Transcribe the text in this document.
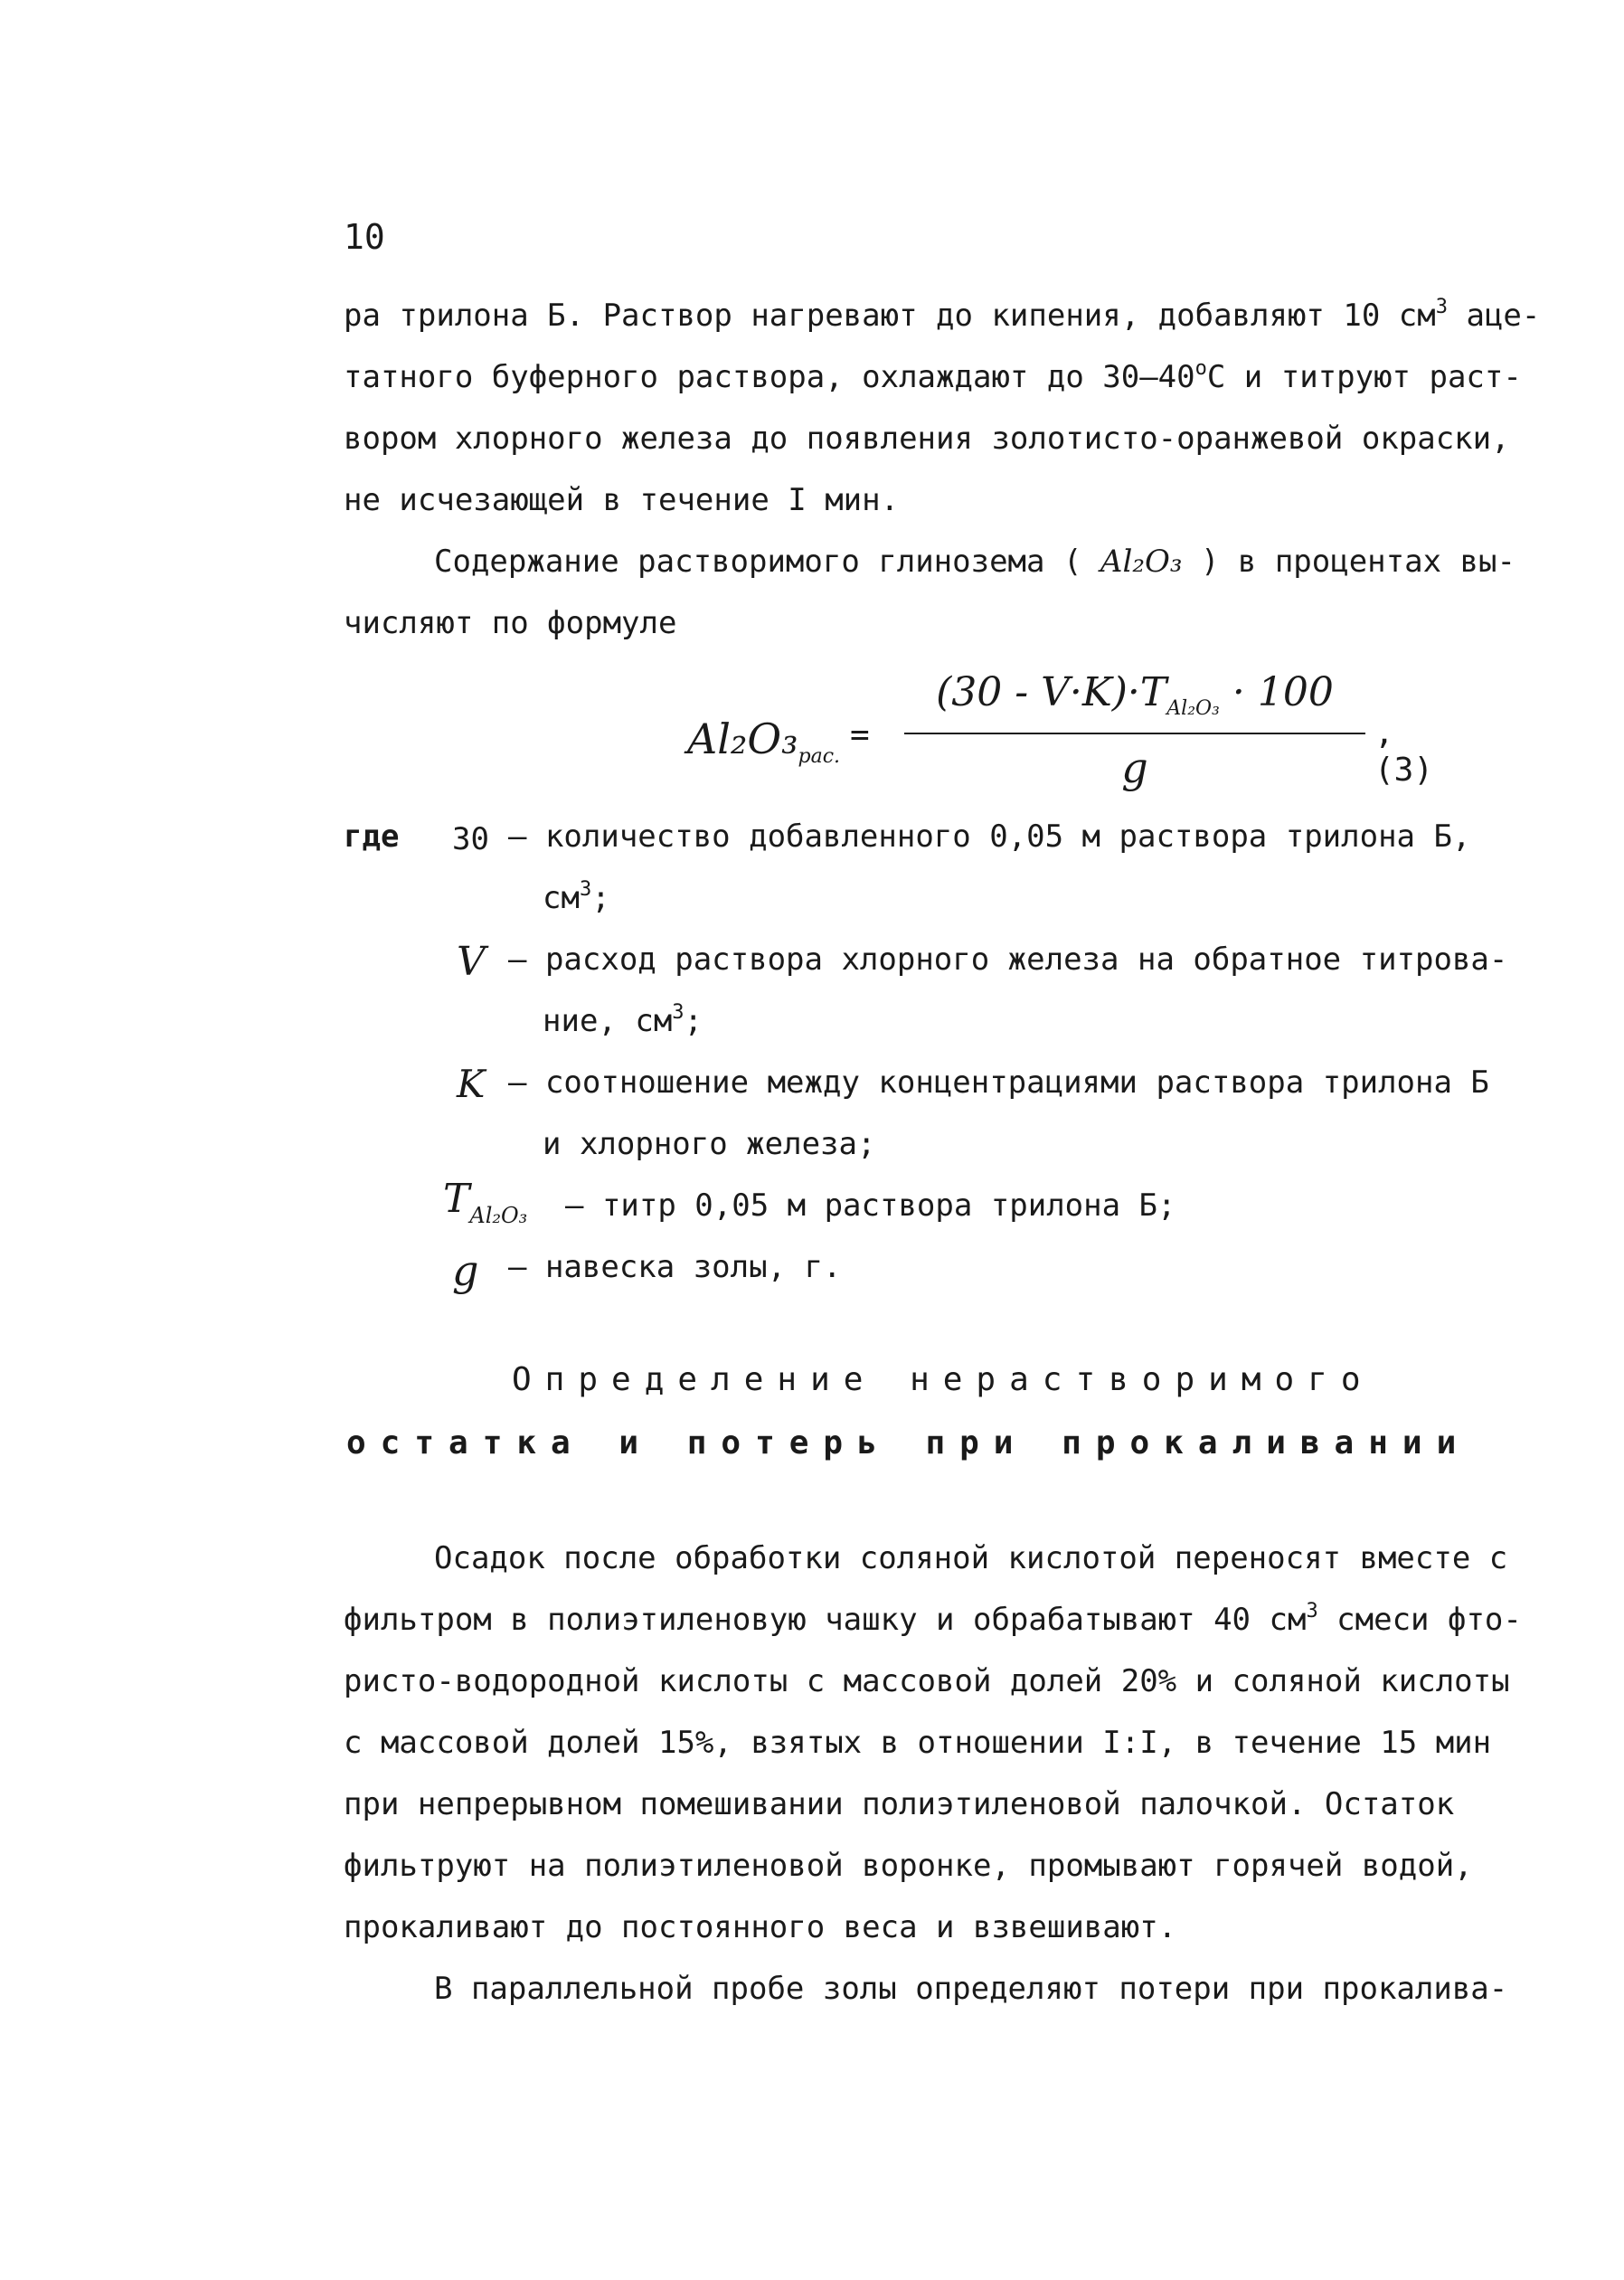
10
ра трилона Б. Раствор нагревают до кипения, добавляют 10 $см^3$ аце-
татного буферного раствора, охлаждают до $30-40^оС$ и титруют раст-
вором хлорного железа до появления золотисто-оранжевой окраски,
не исчезающей в течение I мин.
Содержание растворимого глинозема ( Al₂O₃ ) в процентах вы-
числяют по формуле
$Al_2O_3_{рас.}$
=
$(30 - V\cdot K)\cdot T_{Al_2O_3} \cdot 100$
g
, (3)
где 30 – количество добавленного 0,05 м раствора трилона Б,
$см^3$;
V – расход раствора хлорного железа на обратное титрова-
ние, $см^3$;
K – соотношение между концентрациями раствора трилона Б
и хлорного железа;
$T_{Al_2O_3}$ – титр 0,05 м раствора трилона Б;
g – навеска золы, г.
Определение нерастворимого
остатка и потерь при прокаливании
Осадок после обработки соляной кислотой переносят вместе с
фильтром в полиэтиленовую чашку и обрабатывают 40 $см^3$ смеси фто-
ристо-водородной кислоты с массовой долей 20% и соляной кислоты
с массовой долей 15%, взятых в отношении I:I, в течение 15 мин
при непрерывном помешивании полиэтиленовой палочкой. Остаток
фильтруют на полиэтиленовой воронке, промывают горячей водой,
прокаливают до постоянного веса и взвешивают.
В параллельной пробе золы определяют потери при прокалива-
